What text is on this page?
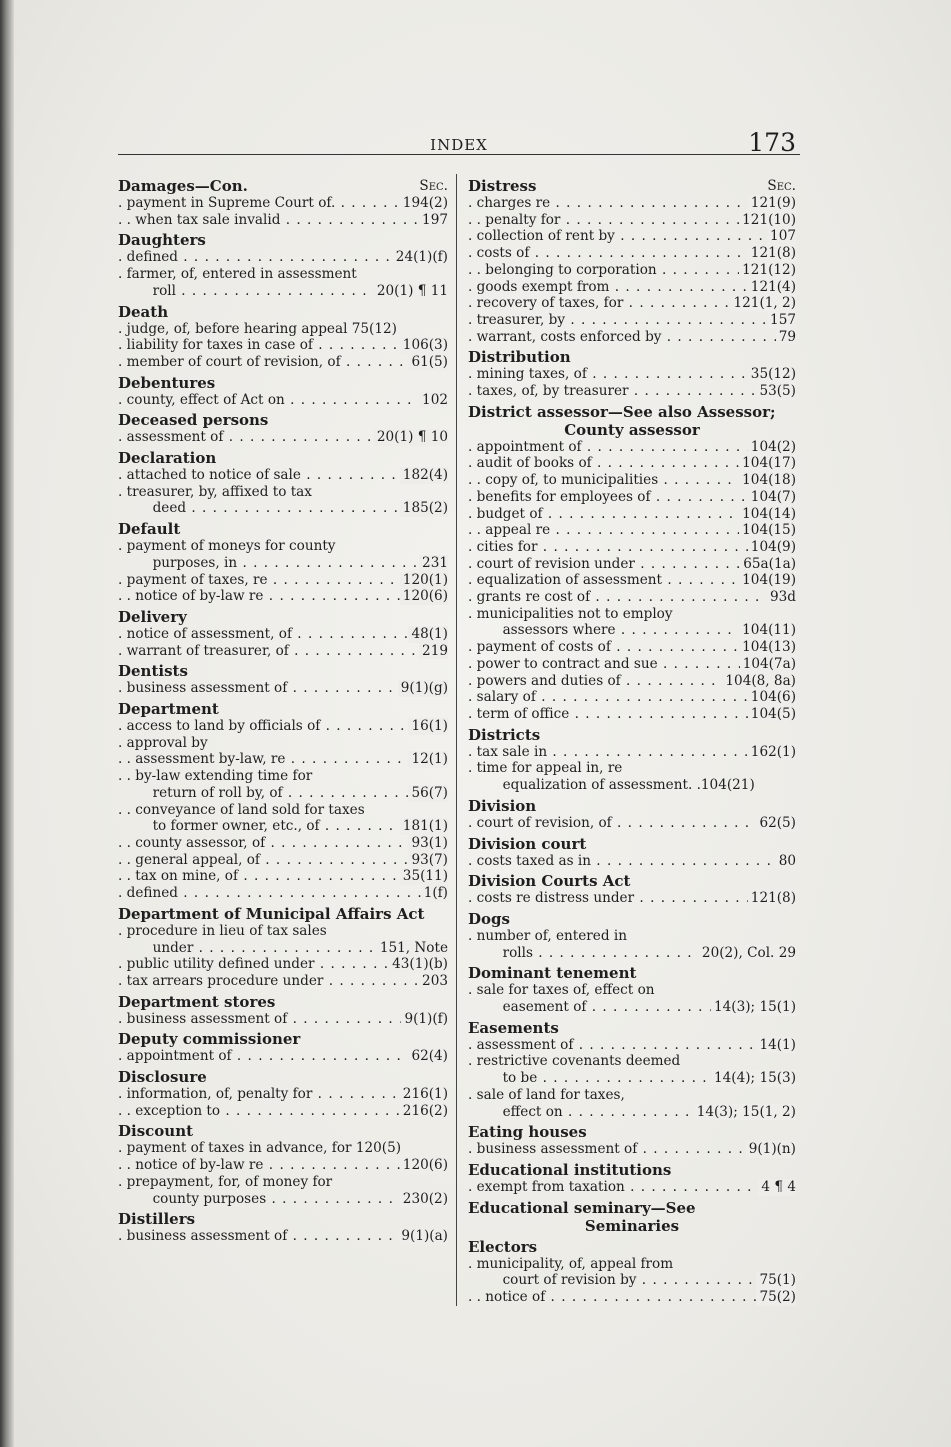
INDEX	173
Damages—Con.	Sec.
. payment in Supreme Court of. . . .	194(2)
. . when tax sale invalid . . .	197
Daughters
. defined . . .	24(1)(f)
. farmer, of, entered in assessment
roll . . .	20(1) ¶ 11
Death
. judge, of, before hearing appeal 75(12)
. liability for taxes in case of . . .	106(3)
. member of court of revision, of . . .	61(5)
Debentures
. county, effect of Act on . . .	102
Deceased persons
. assessment of . . .	20(1) ¶ 10
Declaration
. attached to notice of sale . . .	182(4)
. treasurer, by, affixed to tax
deed . . .	185(2)
Default
. payment of moneys for county
purposes, in . . .	231
. payment of taxes, re . . .	120(1)
. . notice of by-law re . . .	120(6)
Delivery
. notice of assessment, of . . .	48(1)
. warrant of treasurer, of . . .	219
Dentists
. business assessment of . . .	9(1)(g)
Department
. access to land by officials of . . .	16(1)
. approval by
. . assessment by-law, re . . .	12(1)
. . by-law extending time for
return of roll by, of . . .	56(7)
. . conveyance of land sold for taxes
to former owner, etc., of . . .	181(1)
. . county assessor, of . . .	93(1)
. . general appeal, of . . .	93(7)
. . tax on mine, of . . .	35(11)
. defined . . .	1(f)
Department of Municipal Affairs Act
. procedure in lieu of tax sales
under . . .	151, Note
. public utility defined under . . .	43(1)(b)
. tax arrears procedure under . . .	203
Department stores
. business assessment of . . .	9(1)(f)
Deputy commissioner
. appointment of . . .	62(4)
Disclosure
. information, of, penalty for . . .	216(1)
. . exception to . . .	216(2)
Discount
. payment of taxes in advance, for 120(5)
. . notice of by-law re . . .	120(6)
. prepayment, for, of money for
county purposes . . .	230(2)
Distillers
. business assessment of . . .	9(1)(a)
Distress	Sec.
. charges re . . .	121(9)
. . penalty for . . .	121(10)
. collection of rent by . . .	107
. costs of . . .	121(8)
. . belonging to corporation . . .	121(12)
. goods exempt from . . .	121(4)
. recovery of taxes, for . . .	121(1, 2)
. treasurer, by . . .	157
. warrant, costs enforced by . . .	79
Distribution
. mining taxes, of . . .	35(12)
. taxes, of, by treasurer . . .	53(5)
District assessor—See also Assessor;
County assessor
. appointment of . . .	104(2)
. audit of books of . . .	104(17)
. . copy of, to municipalities . . .	104(18)
. benefits for employees of . . .	104(7)
. budget of . . .	104(14)
. . appeal re . . .	104(15)
. cities for . . .	104(9)
. court of revision under . . .	65a(1a)
. equalization of assessment . . .	104(19)
. grants re cost of . . .	93d
. municipalities not to employ
assessors where . . .	104(11)
. payment of costs of . . .	104(13)
. power to contract and sue . . .	104(7a)
. powers and duties of . . .	104(8, 8a)
. salary of . . .	104(6)
. term of office . . .	104(5)
Districts
. tax sale in . . .	162(1)
. time for appeal in, re
equalization of assessment. .104(21)
Division
. court of revision, of . . .	62(5)
Division court
. costs taxed as in . . .	80
Division Courts Act
. costs re distress under . . .	121(8)
Dogs
. number of, entered in
rolls . . .	20(2), Col. 29
Dominant tenement
. sale for taxes of, effect on
easement of . . .	14(3); 15(1)
Easements
. assessment of . . .	14(1)
. restrictive covenants deemed
to be . . .	14(4); 15(3)
. sale of land for taxes,
effect on . . .	14(3); 15(1, 2)
Eating houses
. business assessment of . . .	9(1)(n)
Educational institutions
. exempt from taxation . . .	4 ¶ 4
Educational seminary—See
Seminaries
Electors
. municipality, of, appeal from
court of revision by . . .	75(1)
. . notice of . . .	75(2)
